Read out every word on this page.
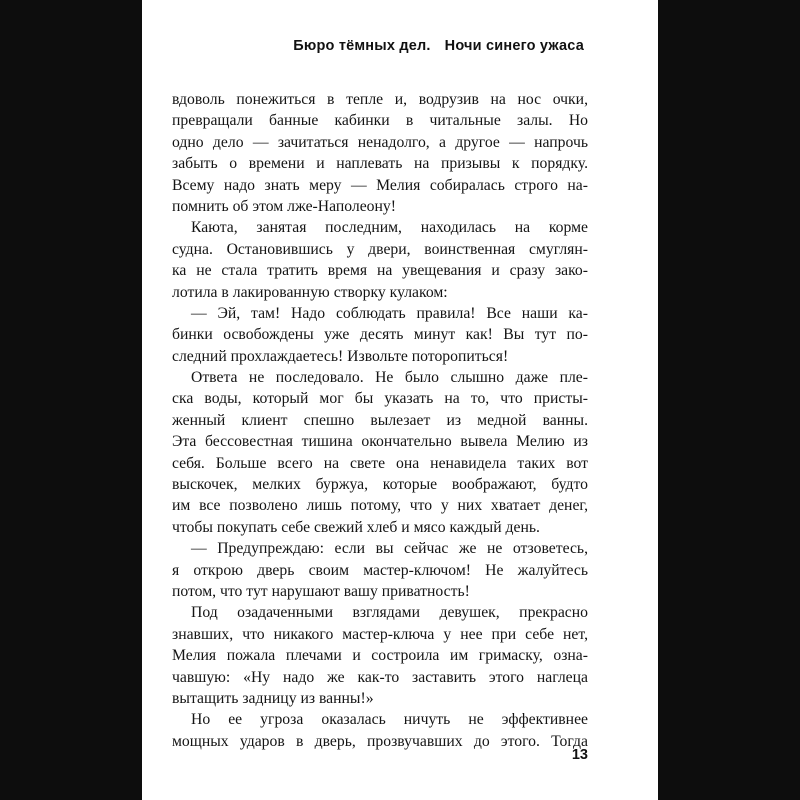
Бюро тёмных дел. Ночи синего ужаса
вдоволь понежиться в тепле и, водрузив на нос очки,
превращали банные кабинки в читальные залы. Но
одно дело — зачитаться ненадолго, а другое — напрочь
забыть о времени и наплевать на призывы к порядку.
Всему надо знать меру — Мелия собиралась строго на-
помнить об этом лже-Наполеону!
Каюта, занятая последним, находилась на корме
судна. Остановившись у двери, воинственная смуглян-
ка не стала тратить время на увещевания и сразу зако-
лотила в лакированную створку кулаком:
— Эй, там! Надо соблюдать правила! Все наши ка-
бинки освобождены уже десять минут как! Вы тут по-
следний прохлаждаетесь! Извольте поторопиться!
Ответа не последовало. Не было слышно даже пле-
ска воды, который мог бы указать на то, что присты-
женный клиент спешно вылезает из медной ванны.
Эта бессовестная тишина окончательно вывела Мелию из
себя. Больше всего на свете она ненавидела таких вот
выскочек, мелких буржуа, которые воображают, будто
им все позволено лишь потому, что у них хватает денег,
чтобы покупать себе свежий хлеб и мясо каждый день.
— Предупреждаю: если вы сейчас же не отзоветесь,
я открою дверь своим мастер-ключом! Не жалуйтесь
потом, что тут нарушают вашу приватность!
Под озадаченными взглядами девушек, прекрасно
знавших, что никакого мастер-ключа у нее при себе нет,
Мелия пожала плечами и состроила им гримаску, озна-
чавшую: «Ну надо же как-то заставить этого наглеца
вытащить задницу из ванны!»
Но ее угроза оказалась ничуть не эффективнее
мощных ударов в дверь, прозвучавших до этого. Тогда
13
